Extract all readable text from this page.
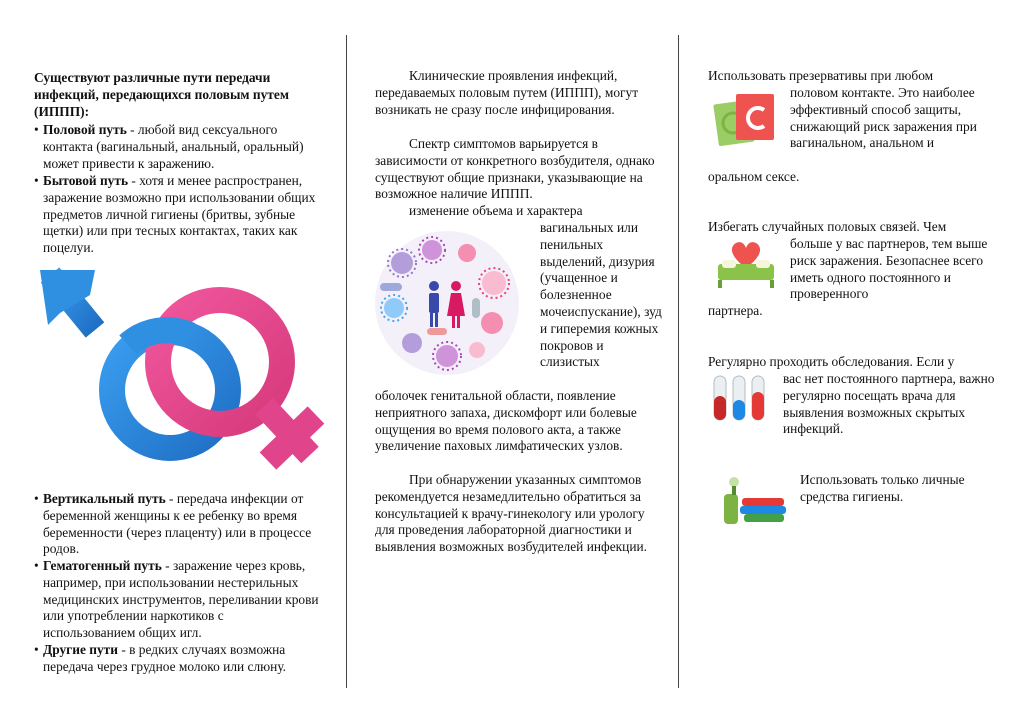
Существуют различные пути передачи инфекций, передающихся половым путем (ИППП):
• Половой путь - любой вид сексуального контакта (вагинальный, анальный, оральный) может привести к заражению.
• Бытовой путь - хотя и менее распространен, заражение возможно при использовании общих предметов личной гигиены (бритвы, зубные щетки) или при тесных контактах, таких как поцелуи.
• Вертикальный путь - передача инфекции от беременной женщины к ее ребенку во время беременности (через плаценту) или в процессе родов.
• Гематогенный путь - заражение через кровь, например, при использовании нестерильных медицинских инструментов, переливании крови или употреблении наркотиков с использованием общих игл.
• Другие пути - в редких случаях возможна передача через грудное молоко или слюну.
Клинические проявления инфекций, передаваемых половым путем (ИППП), могут возникать не сразу после инфицирования.
Спектр симптомов варьируется в зависимости от конкретного возбудителя, однако существуют общие признаки, указывающие на возможное наличие ИППП.
изменение объема и характера
вагинальных или пенильных выделений, дизурия (учащенное и болезненное мочеиспускание), зуд и гиперемия кожных покровов и слизистых
оболочек генитальной области, появление неприятного запаха, дискомфорт или болевые ощущения во время полового акта, а также увеличение паховых лимфатических узлов.
При обнаружении указанных симптомов рекомендуется незамедлительно обратиться за консультацией к врачу-гинекологу или урологу для проведения лабораторной диагностики и выявления возможных возбудителей инфекции.
Использовать презервативы при любом
половом контакте. Это наиболее эффективный способ защиты, снижающий риск заражения при вагинальном, анальном и
оральном сексе.
Избегать случайных половых связей. Чем
больше у вас партнеров, тем выше риск заражения. Безопаснее всего иметь одного постоянного и проверенного
партнера.
Регулярно проходить обследования. Если у
вас нет постоянного партнера, важно регулярно посещать врача для выявления возможных скрытых инфекций.
Использовать только личные средства гигиены.
